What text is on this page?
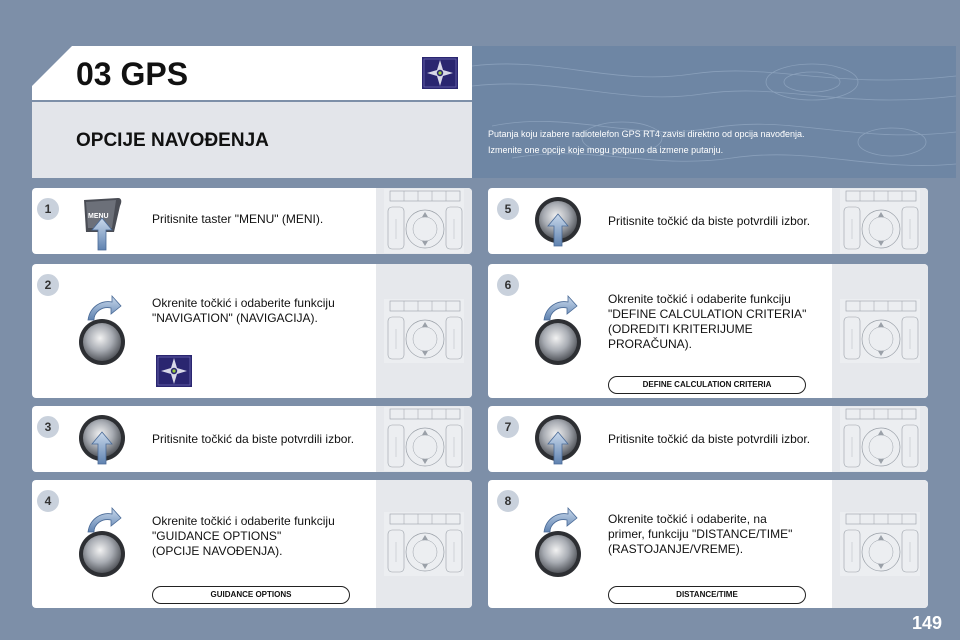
03 GPS
OPCIJE NAVOĐENJA	Putanja koju izabere radiotelefon GPS RT4 zavisi direktno od opcija navođenja.
Izmenite one opcije koje mogu potpuno da izmene putanju.
MENU	Pritisnite taster "MENU" (MENI).
1
Okrenite točkić i odaberite funkciju
"NAVIGATION" (NAVIGACIJA).
2
Pritisnite točkić da biste potvrdili izbor.
3
Okrenite točkić i odaberite funkciju
"GUIDANCE OPTIONS"
(OPCIJE NAVOĐENJA).
GUIDANCE OPTIONS
4
Pritisnite točkić da biste potvrdili izbor.
5
Okrenite točkić i odaberite funkciju
"DEFINE CALCULATION CRITERIA"
(ODREDITI KRITERIJUME
PRORAČUNA).
DEFINE CALCULATION CRITERIA
6
Pritisnite točkić da biste potvrdili izbor.
7
Okrenite točkić i odaberite, na
primer, funkciju "DISTANCE/TIME"
(RASTOJANJE/VREME).
DISTANCE/TIME
8
149
